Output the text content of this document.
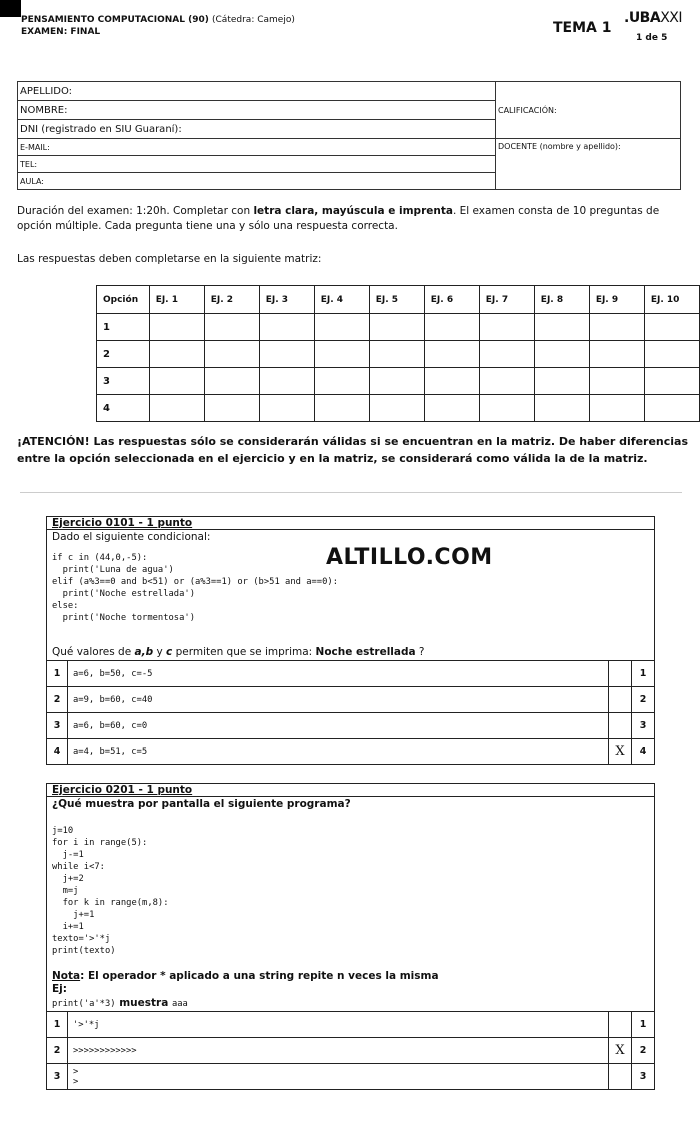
PENSAMIENTO COMPUTACIONAL (90) (Cátedra: Camejo)
EXAMEN: FINAL	TEMA 1
.UBAXXI
1 de 5
APELLIDO:	CALIFICACIÓN:
NOMBRE:	
DNI (registrado en SIU Guaraní):	
E-MAIL:	DOCENTE (nombre y apellido):
TEL:	
AULA:	
Duración del examen: 1:20h. Completar con letra clara, mayúscula e imprenta. El examen consta de 10 preguntas de opción múltiple. Cada pregunta tiene una y sólo una respuesta correcta.
Las respuestas deben completarse en la siguiente matriz:
Opción	EJ. 1	EJ. 2	EJ. 3	EJ. 4	EJ. 5	EJ. 6	EJ. 7	EJ. 8	EJ. 9	EJ. 10
1										
2										
3										
4										
¡ATENCIÓN! Las respuestas sólo se considerarán válidas si se encuentran en la matriz. De haber diferencias entre la opción seleccionada en el ejercicio y en la matriz, se considerará como válida la de la matriz.
ALTILLO.COM
Ejercicio 0101 - 1 punto
Dado el siguiente condicional:
if c in (44,0,-5):
print('Luna de agua')
elif (a%3==0 and b<51) or (a%3==1) or (b>51 and a==0):
print('Noche estrellada')
else:
print('Noche tormentosa')
Qué valores de a,b y c permiten que se imprima: Noche estrellada ?
1	a=6, b=50, c=-5		1
2	a=9, b=60, c=40		2
3	a=6, b=60, c=0		3
4	a=4, b=51, c=5	X	4
Ejercicio 0201 - 1 punto
¿Qué muestra por pantalla el siguiente programa?
j=10
for i in range(5):
j-=1
while i<7:
j+=2
m=j
for k in range(m,8):
j+=1
i+=1
texto='>'*j
print(texto)
Nota: El operador * aplicado a una string repite n veces la misma
Ej:
print('a'*3) muestra aaa
1	'>'*j		1
2	>>>>>>>>>>>>	X	2
3	>
>		3
